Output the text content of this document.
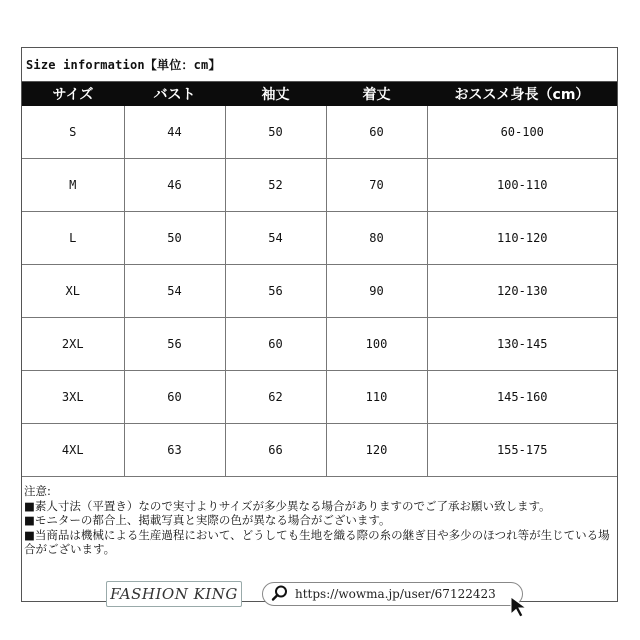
Size information【単位：cm】
サイズ	バスト	袖丈	着丈	おススメ身長（cm）
S	44	50	60	60-100
M	46	52	70	100-110
L	50	54	80	110-120
XL	54	56	90	120-130
2XL	56	60	100	130-145
3XL	60	62	110	145-160
4XL	63	66	120	155-175

注意:

■素人寸法（平置き）なので実寸よりサイズが多少異なる場合がありますのでご了承お願い致します。

■モニターの都合上、掲載写真と実際の色が異なる場合がございます。

■当商品は機械による生産過程において、どうしても生地を織る際の糸の継ぎ目や多少のほつれ等が生じている場合がございます。

FASHION KING	https://wowma.jp/user/67122423
